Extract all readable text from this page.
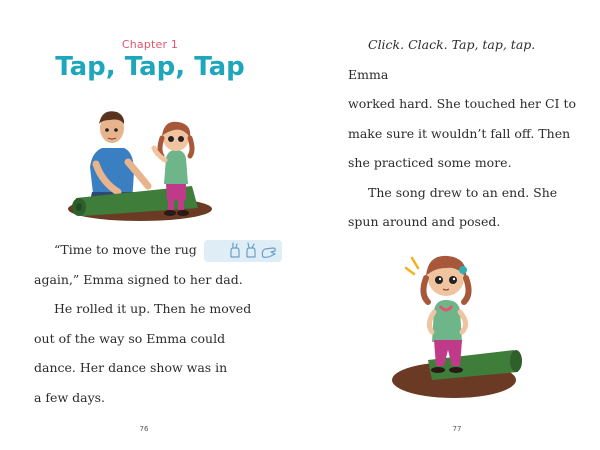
Chapter 1
Tap, Tap, Tap

“Time to move the rug
again,” Emma signed to her dad.

He rolled it up. Then he moved
out of the way so Emma could
dance. Her dance show was in
a few days.

76	77

Click. Clack. Tap, tap, tap. Emma
worked hard. She touched her CI to
make sure it wouldn’t fall off. Then
she practiced some more.

The song drew to an end. She
spun around and posed.
